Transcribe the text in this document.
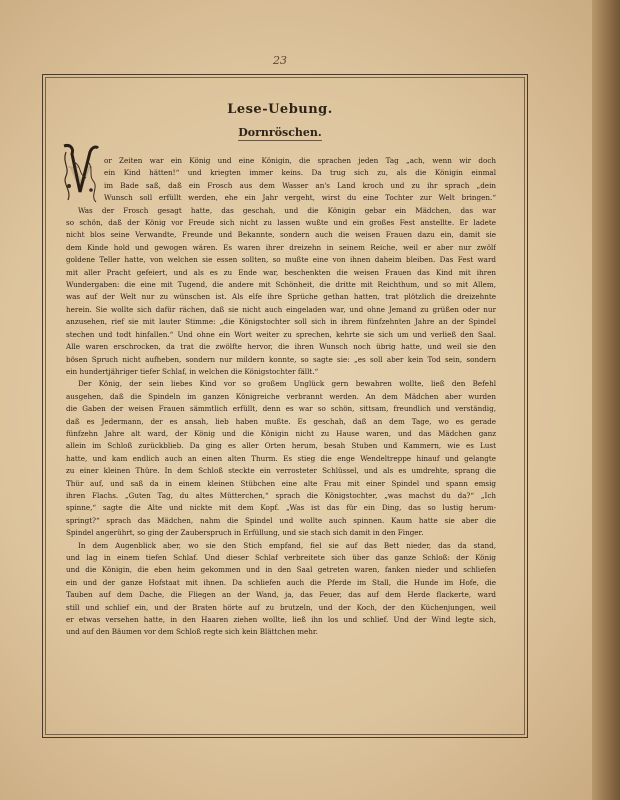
23
Lese-Uebung.
Dornröschen.
V
or Zeiten war ein König und eine Königin, die sprachen jeden Tag „ach, wenn wir doch
ein Kind hätten!“ und kriegten immer keins. Da trug sich zu, als die Königin einmal
im Bade saß, daß ein Frosch aus dem Wasser an's Land kroch und zu ihr sprach „dein
Wunsch soll erfüllt werden, ehe ein Jahr vergeht, wirst du eine Tochter zur Welt bringen.“
Was der Frosch gesagt hatte, das geschah, und die Königin gebar ein Mädchen, das war
so schön, daß der König vor Freude sich nicht zu lassen wußte und ein großes Fest anstellte. Er ladete
nicht blos seine Verwandte, Freunde und Bekannte, sondern auch die weisen Frauen dazu ein, damit sie
dem Kinde hold und gewogen wären. Es waren ihrer dreizehn in seinem Reiche, weil er aber nur zwölf
goldene Teller hatte, von welchen sie essen sollten, so mußte eine von ihnen daheim bleiben. Das Fest ward
mit aller Pracht gefeiert, und als es zu Ende war, beschenkten die weisen Frauen das Kind mit ihren
Wundergaben: die eine mit Tugend, die andere mit Schönheit, die dritte mit Reichthum, und so mit Allem,
was auf der Welt nur zu wünschen ist. Als elfe ihre Sprüche gethan hatten, trat plötzlich die dreizehnte
herein. Sie wollte sich dafür rächen, daß sie nicht auch eingeladen war, und ohne Jemand zu grüßen oder nur
anzusehen, rief sie mit lauter Stimme: „die Königstochter soll sich in ihrem fünfzehnten Jahre an der Spindel
stechen und todt hinfallen.“ Und ohne ein Wort weiter zu sprechen, kehrte sie sich um und verließ den Saal.
Alle waren erschrocken, da trat die zwölfte hervor, die ihren Wunsch noch übrig hatte, und weil sie den
bösen Spruch nicht aufheben, sondern nur mildern konnte, so sagte sie: „es soll aber kein Tod sein, sondern
ein hundertjähriger tiefer Schlaf, in welchen die Königstochter fällt.“
Der König, der sein liebes Kind vor so großem Unglück gern bewahren wollte, ließ den Befehl
ausgehen, daß die Spindeln im ganzen Königreiche verbrannt werden. An dem Mädchen aber wurden
die Gaben der weisen Frauen sämmtlich erfüllt, denn es war so schön, sittsam, freundlich und verständig,
daß es Jedermann, der es ansah, lieb haben mußte. Es geschah, daß an dem Tage, wo es gerade
fünfzehn Jahre alt ward, der König und die Königin nicht zu Hause waren, und das Mädchen ganz
allein im Schloß zurückblieb. Da ging es aller Orten herum, besah Stuben und Kammern, wie es Lust
hatte, und kam endlich auch an einen alten Thurm. Es stieg die enge Wendeltreppe hinauf und gelangte
zu einer kleinen Thüre. In dem Schloß steckte ein verrosteter Schlüssel, und als es umdrehte, sprang die
Thür auf, und saß da in einem kleinen Stübchen eine alte Frau mit einer Spindel und spann emsig
ihren Flachs. „Guten Tag, du altes Mütterchen,“ sprach die Königstochter, „was machst du da?“ „Ich
spinne,“ sagte die Alte und nickte mit dem Kopf. „Was ist das für ein Ding, das so lustig herum-
springt?“ sprach das Mädchen, nahm die Spindel und wollte auch spinnen. Kaum hatte sie aber die
Spindel angerührt, so ging der Zauberspruch in Erfüllung, und sie stach sich damit in den Finger.
In dem Augenblick aber, wo sie den Stich empfand, fiel sie auf das Bett nieder, das da stand,
und lag in einem tiefen Schlaf. Und dieser Schlaf verbreitete sich über das ganze Schloß: der König
und die Königin, die eben heim gekommen und in den Saal getreten waren, fanken nieder und schliefen
ein und der ganze Hofstaat mit ihnen. Da schliefen auch die Pferde im Stall, die Hunde im Hofe, die
Tauben auf dem Dache, die Fliegen an der Wand, ja, das Feuer, das auf dem Herde flackerte, ward
still und schlief ein, und der Braten hörte auf zu brutzeln, und der Koch, der den Küchenjungen, weil
er etwas versehen hatte, in den Haaren ziehen wollte, ließ ihn los und schlief. Und der Wind legte sich,
und auf den Bäumen vor dem Schloß regte sich kein Blättchen mehr.
